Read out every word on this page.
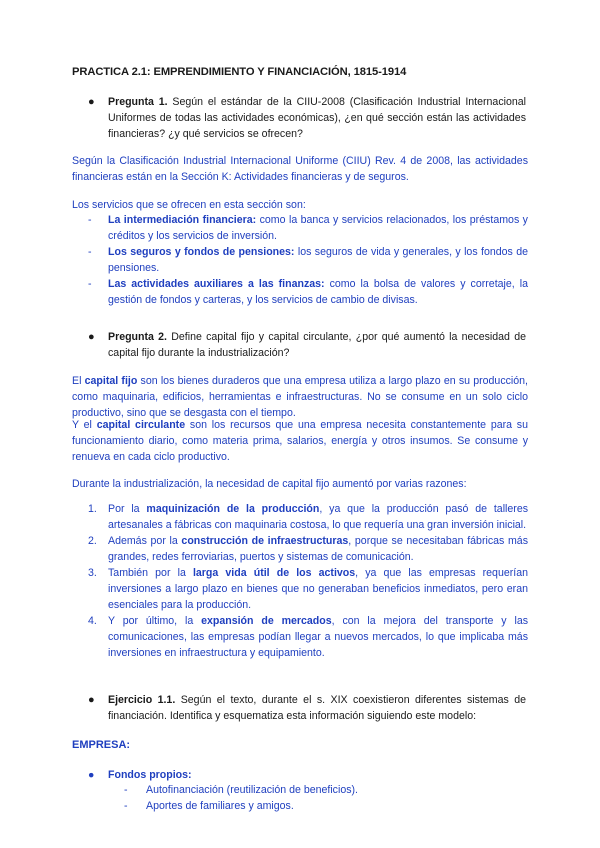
PRACTICA 2.1: EMPRENDIMIENTO Y FINANCIACIÓN, 1815-1914
● Pregunta 1. Según el estándar de la CIIU-2008 (Clasificación Industrial Internacional Uniformes de todas las actividades económicas), ¿en qué sección están las actividades financieras? ¿y qué servicios se ofrecen?
Según la Clasificación Industrial Internacional Uniforme (CIIU) Rev. 4 de 2008, las actividades financieras están en la Sección K: Actividades financieras y de seguros.
Los servicios que se ofrecen en esta sección son:
- La intermediación financiera: como la banca y servicios relacionados, los préstamos y créditos y los servicios de inversión.
- Los seguros y fondos de pensiones: los seguros de vida y generales, y los fondos de pensiones.
- Las actividades auxiliares a las finanzas: como la bolsa de valores y corretaje, la gestión de fondos y carteras, y los servicios de cambio de divisas.
● Pregunta 2. Define capital fijo y capital circulante, ¿por qué aumentó la necesidad de capital fijo durante la industrialización?
El capital fijo son los bienes duraderos que una empresa utiliza a largo plazo en su producción, como maquinaria, edificios, herramientas e infraestructuras. No se consume en un solo ciclo productivo, sino que se desgasta con el tiempo.
Y el capital circulante son los recursos que una empresa necesita constantemente para su funcionamiento diario, como materia prima, salarios, energía y otros insumos. Se consume y renueva en cada ciclo productivo.
Durante la industrialización, la necesidad de capital fijo aumentó por varias razones:
1. Por la maquinización de la producción, ya que la producción pasó de talleres artesanales a fábricas con maquinaria costosa, lo que requería una gran inversión inicial.
2. Además por la construcción de infraestructuras, porque se necesitaban fábricas más grandes, redes ferroviarias, puertos y sistemas de comunicación.
3. También por la larga vida útil de los activos, ya que las empresas requerían inversiones a largo plazo en bienes que no generaban beneficios inmediatos, pero eran esenciales para la producción.
4. Y por último, la expansión de mercados, con la mejora del transporte y las comunicaciones, las empresas podían llegar a nuevos mercados, lo que implicaba más inversiones en infraestructura y equipamiento.
● Ejercicio 1.1. Según el texto, durante el s. XIX coexistieron diferentes sistemas de financiación. Identifica y esquematiza esta información siguiendo este modelo:
EMPRESA:
● Fondos propios:
- Autofinanciación (reutilización de beneficios).
- Aportes de familiares y amigos.
